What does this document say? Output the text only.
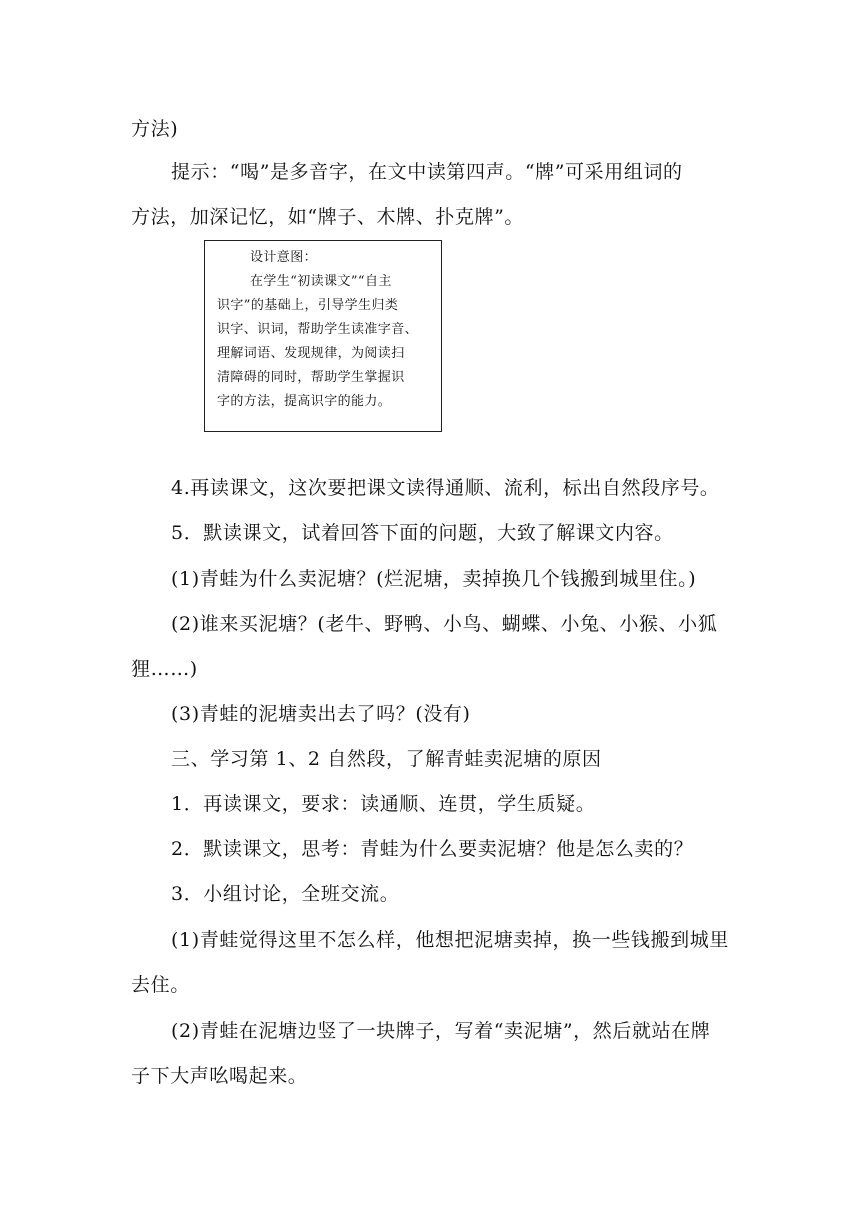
方法)
提示：“喝”是多音字，在文中读第四声。“牌”可采用组词的
方法，加深记忆，如“牌子、木牌、扑克牌”。
设计意图：
在学生“初读课文”“自主
识字”的基础上，引导学生归类
识字、识词，帮助学生读准字音、
理解词语、发现规律，为阅读扫
清障碍的同时，帮助学生掌握识
字的方法，提高识字的能力。
4.再读课文，这次要把课文读得通顺、流利，标出自然段序号。
5．默读课文，试着回答下面的问题，大致了解课文内容。
(1)青蛙为什么卖泥塘？(烂泥塘，卖掉换几个钱搬到城里住。)
(2)谁来买泥塘？(老牛、野鸭、小鸟、蝴蝶、小兔、小猴、小狐
狸……)
(3)青蛙的泥塘卖出去了吗？(没有)
三、学习第 1、2 自然段，了解青蛙卖泥塘的原因
1．再读课文，要求：读通顺、连贯，学生质疑。
2．默读课文，思考：青蛙为什么要卖泥塘？他是怎么卖的？
3．小组讨论，全班交流。
(1)青蛙觉得这里不怎么样，他想把泥塘卖掉，换一些钱搬到城里
去住。
(2)青蛙在泥塘边竖了一块牌子，写着“卖泥塘”，然后就站在牌
子下大声吆喝起来。
